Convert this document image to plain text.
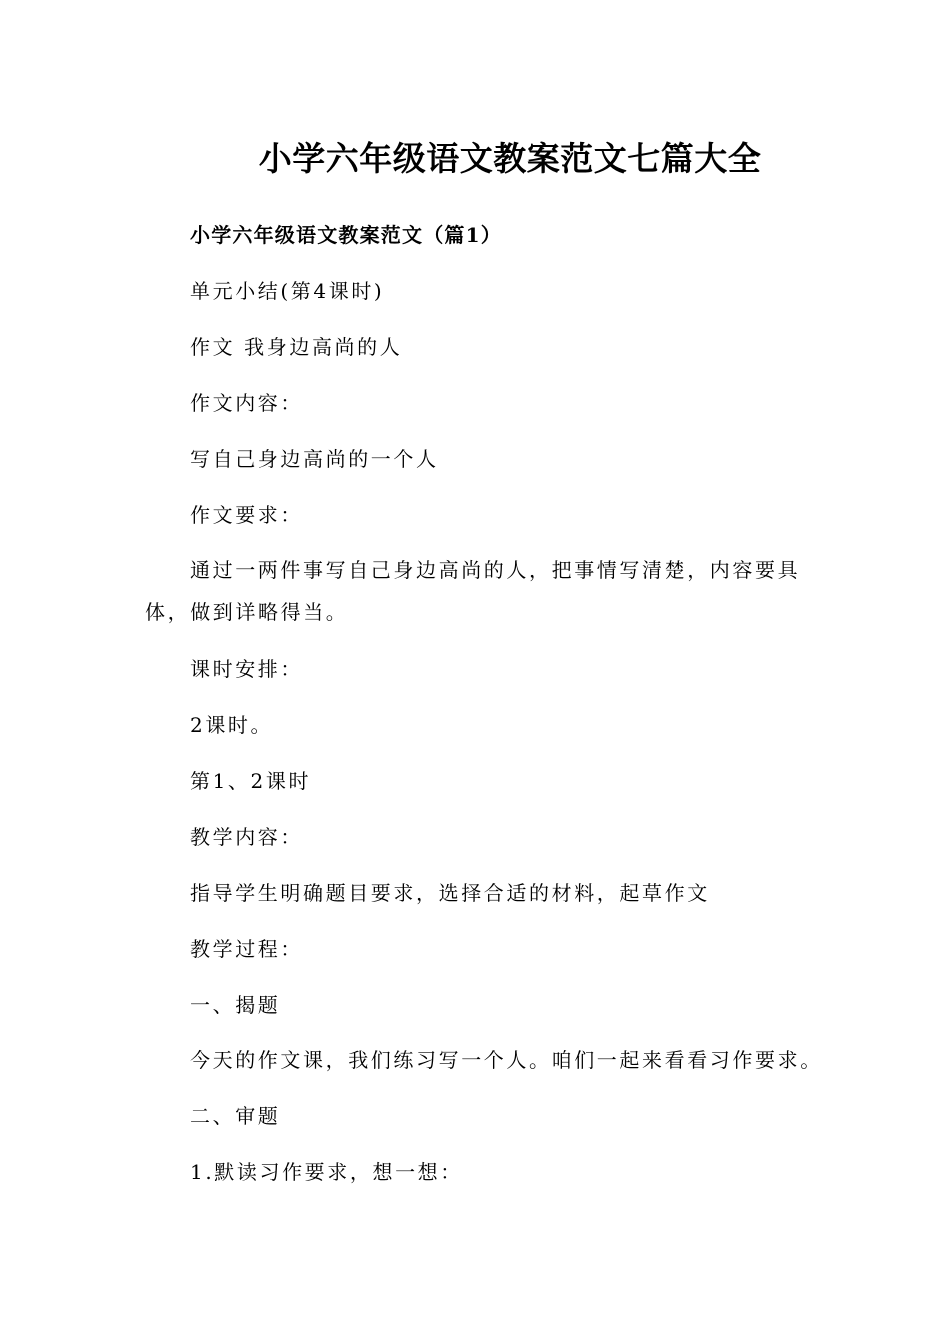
小学六年级语文教案范文七篇大全
小学六年级语文教案范文（篇1）
单元小结(第4课时)
作文 我身边高尚的人
作文内容：
写自己身边高尚的一个人
作文要求：
通过一两件事写自己身边高尚的人，把事情写清楚，内容要具体，做到详略得当。
课时安排：
2课时。
第1、2课时
教学内容：
指导学生明确题目要求，选择合适的材料，起草作文
教学过程：
一、揭题
今天的作文课，我们练习写一个人。咱们一起来看看习作要求。
二、审题
1.默读习作要求，想一想：
